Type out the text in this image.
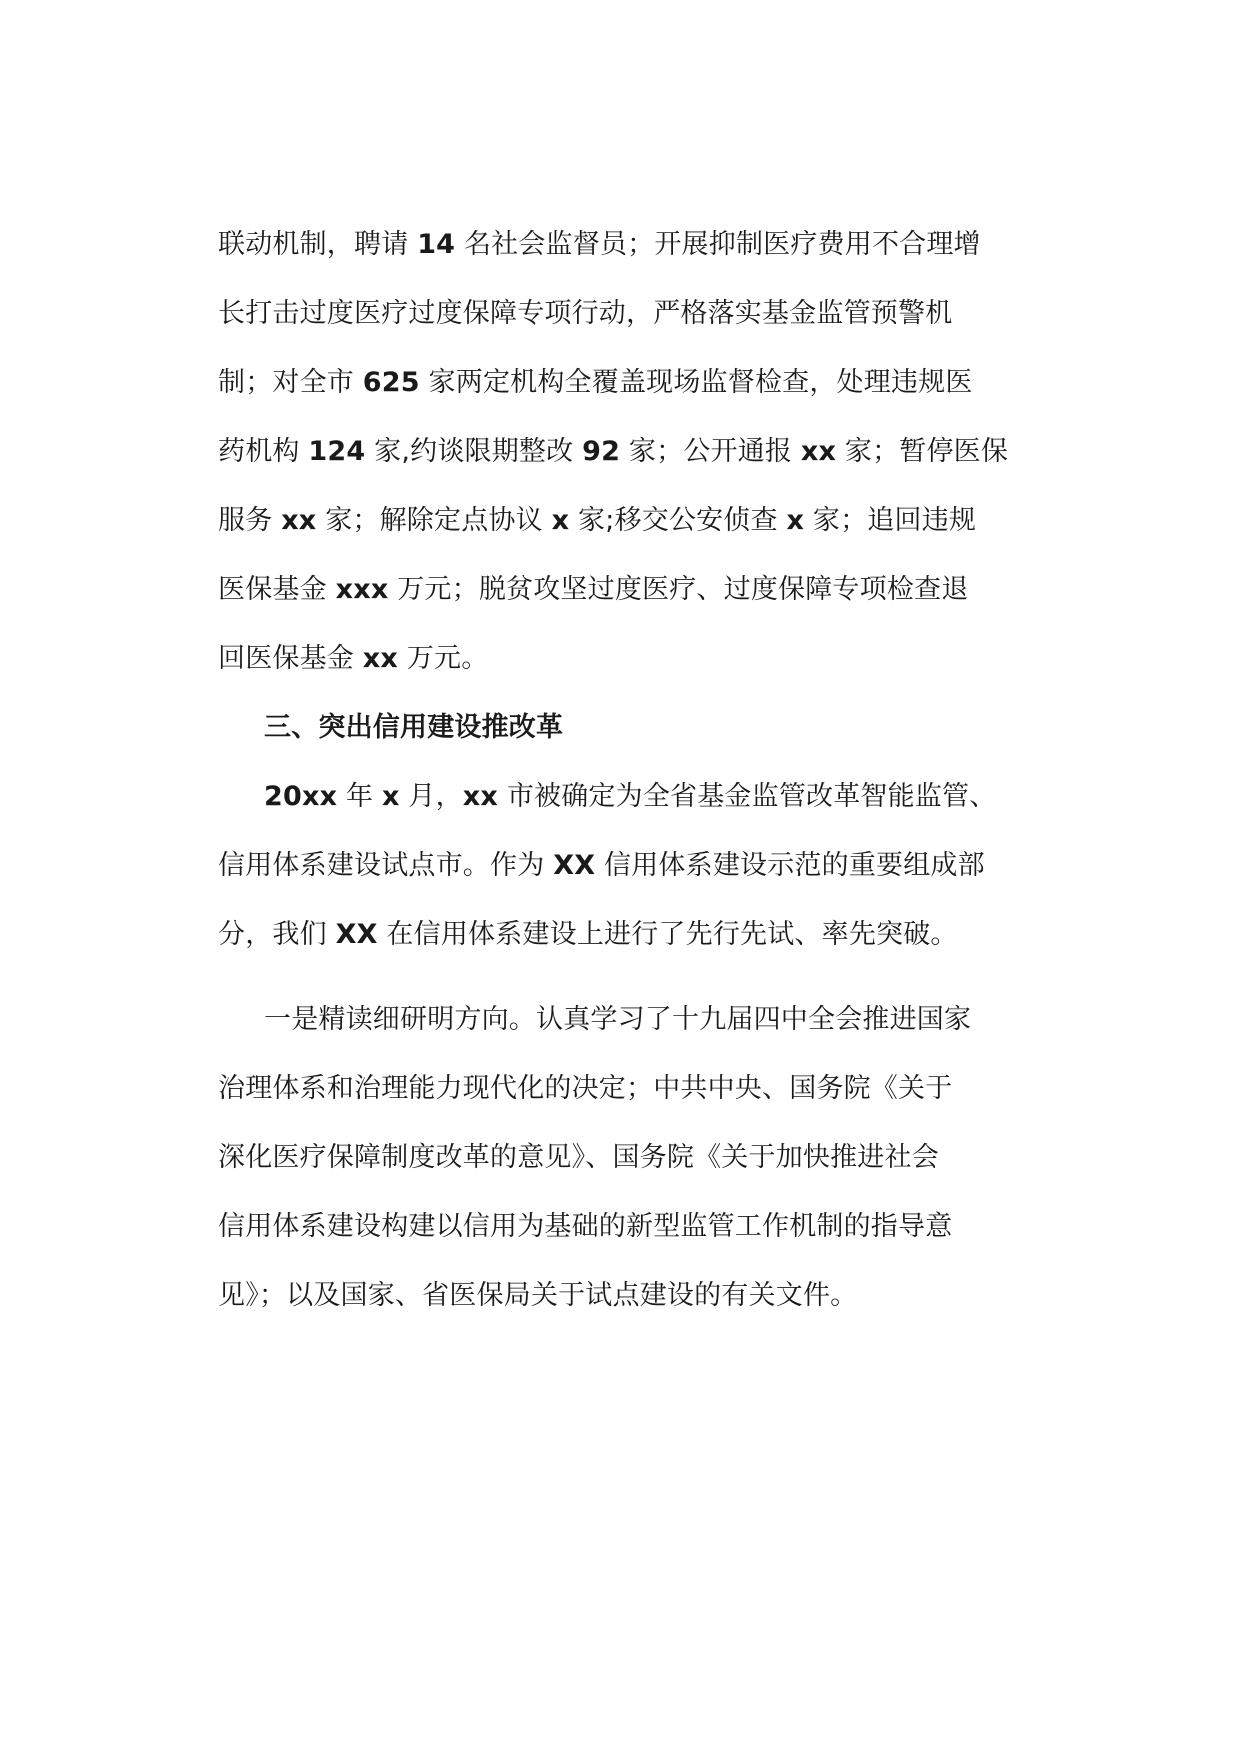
联动机制，聘请 14 名社会监督员；开展抑制医疗费用不合理增
长打击过度医疗过度保障专项行动，严格落实基金监管预警机
制；对全市 625 家两定机构全覆盖现场监督检查，处理违规医
药机构 124 家,约谈限期整改 92 家；公开通报 xx 家；暂停医保
服务 xx 家；解除定点协议 x 家;移交公安侦查 x 家；追回违规
医保基金 xxx 万元；脱贫攻坚过度医疗、过度保障专项检查退
回医保基金 xx 万元。
三、突出信用建设推改革
20xx 年 x 月，xx 市被确定为全省基金监管改革智能监管、
信用体系建设试点市。作为 XX 信用体系建设示范的重要组成部
分，我们 XX 在信用体系建设上进行了先行先试、率先突破。
一是精读细研明方向。认真学习了十九届四中全会推进国家
治理体系和治理能力现代化的决定；中共中央、国务院《关于
深化医疗保障制度改革的意见》、国务院《关于加快推进社会
信用体系建设构建以信用为基础的新型监管工作机制的指导意
见》；以及国家、省医保局关于试点建设的有关文件。
